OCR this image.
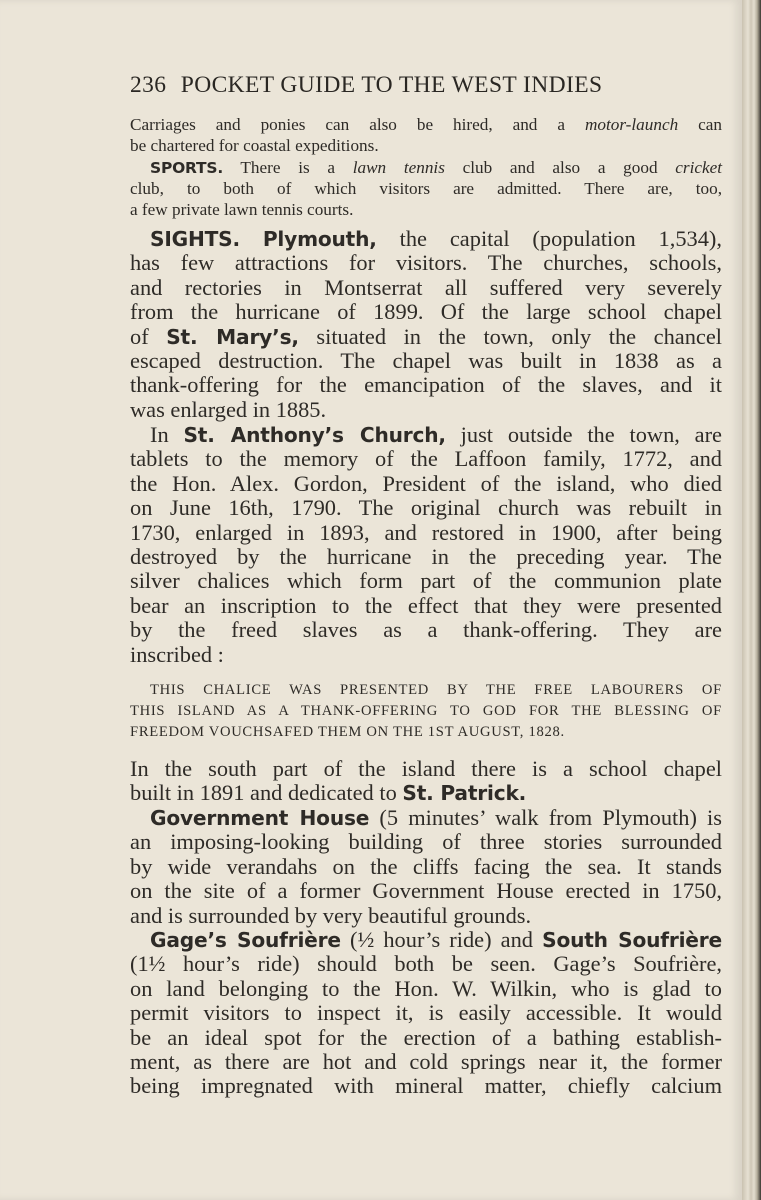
236 POCKET GUIDE TO THE WEST INDIES
Carriages and ponies can also be hired, and a motor-launch can
be chartered for coastal expeditions.
SPORTS. There is a lawn tennis club and also a good cricket
club, to both of which visitors are admitted. There are, too,
a few private lawn tennis courts.
SIGHTS. Plymouth, the capital (population 1,534),
has few attractions for visitors. The churches, schools,
and rectories in Montserrat all suffered very severely
from the hurricane of 1899. Of the large school chapel
of St. Mary’s, situated in the town, only the chancel
escaped destruction. The chapel was built in 1838 as a
thank-offering for the emancipation of the slaves, and it
was enlarged in 1885.
In St. Anthony’s Church, just outside the town, are
tablets to the memory of the Laffoon family, 1772, and
the Hon. Alex. Gordon, President of the island, who died
on June 16th, 1790. The original church was rebuilt in
1730, enlarged in 1893, and restored in 1900, after being
destroyed by the hurricane in the preceding year. The
silver chalices which form part of the communion plate
bear an inscription to the effect that they were presented
by the freed slaves as a thank-offering. They are
inscribed :
THIS CHALICE WAS PRESENTED BY THE FREE LABOURERS OF
THIS ISLAND AS A THANK-OFFERING TO GOD FOR THE BLESSING OF
FREEDOM VOUCHSAFED THEM ON THE 1ST AUGUST, 1828.
In the south part of the island there is a school chapel
built in 1891 and dedicated to St. Patrick.
Government House (5 minutes’ walk from Plymouth) is
an imposing-looking building of three stories surrounded
by wide verandahs on the cliffs facing the sea. It stands
on the site of a former Government House erected in 1750,
and is surrounded by very beautiful grounds.
Gage’s Soufrière (½ hour’s ride) and South Soufrière
(1½ hour’s ride) should both be seen. Gage’s Soufrière,
on land belonging to the Hon. W. Wilkin, who is glad to
permit visitors to inspect it, is easily accessible. It would
be an ideal spot for the erection of a bathing establish-
ment, as there are hot and cold springs near it, the former
being impregnated with mineral matter, chiefly calcium
